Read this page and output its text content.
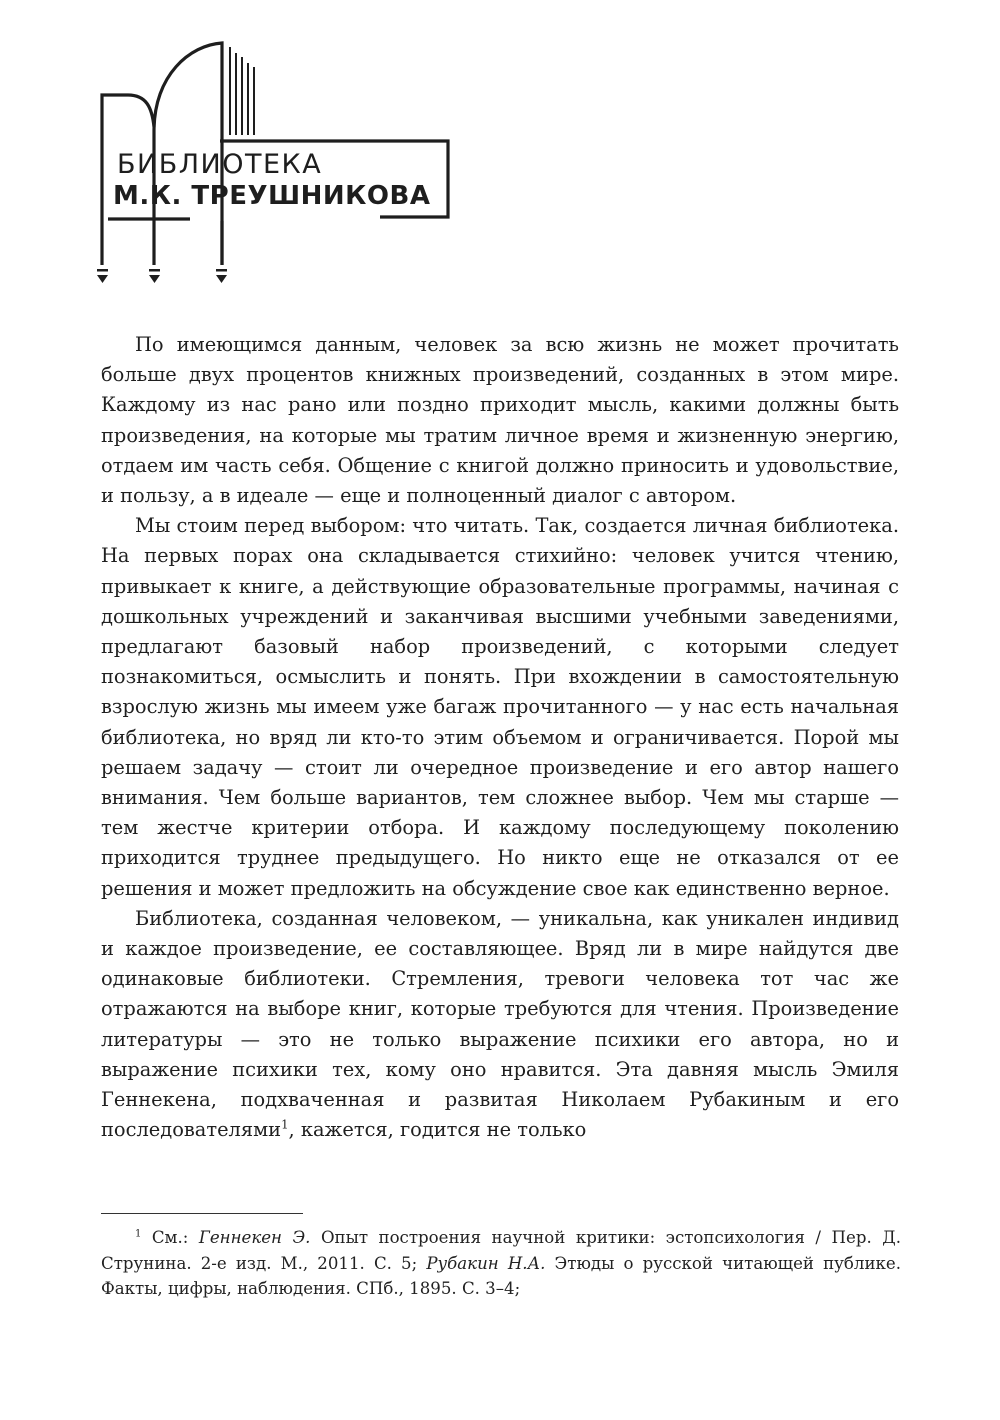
БИБЛИОТЕКА
М.К. ТРЕУШНИКОВА

По имеющимся данным, человек за всю жизнь не может прочитать больше двух процентов книжных произведений, созданных в этом мире. Каждому из нас рано или поздно приходит мысль, какими должны быть произведения, на которые мы тратим личное время и жизненную энергию, отдаем им часть себя. Общение с книгой должно приносить и удовольствие, и пользу, а в идеале — еще и полноценный диалог с автором.

Мы стоим перед выбором: что читать. Так, создается личная библиотека. На первых порах она складывается стихийно: человек учится чтению, привыкает к книге, а действующие образовательные программы, начиная с дошкольных учреждений и заканчивая высшими учебными заведениями, предлагают базовый набор произведений, с которыми следует познакомиться, осмыслить и понять. При вхождении в самостоятельную взрослую жизнь мы имеем уже багаж прочитанного — у нас есть начальная библиотека, но вряд ли кто-то этим объемом и ограничивается. Порой мы решаем задачу — стоит ли очередное произведение и его автор нашего внимания. Чем больше вариантов, тем сложнее выбор. Чем мы старше — тем жестче критерии отбора. И каждому последующему поколению приходится труднее предыдущего. Но никто еще не отказался от ее решения и может предложить на обсуждение свое как единственно верное.

Библиотека, созданная человеком, — уникальна, как уникален индивид и каждое произведение, ее составляющее. Вряд ли в мире найдутся две одинаковые библиотеки. Стремления, тревоги человека тот час же отражаются на выборе книг, которые требуются для чтения. Произведение литературы — это не только выражение психики его автора, но и выражение психики тех, кому оно нравится. Эта давняя мысль Эмиля Геннекена, подхваченная и развитая Николаем Рубакиным и его последователями$^1$, кажется, годится не только

$^1$ См.: Геннекен Э. Опыт построения научной критики: эстопсихология / Пер. Д. Струнина. 2-е изд. М., 2011. С. 5; Рубакин Н.А. Этюды о русской читающей публике. Факты, цифры, наблюдения. СПб., 1895. С. 3–4;
